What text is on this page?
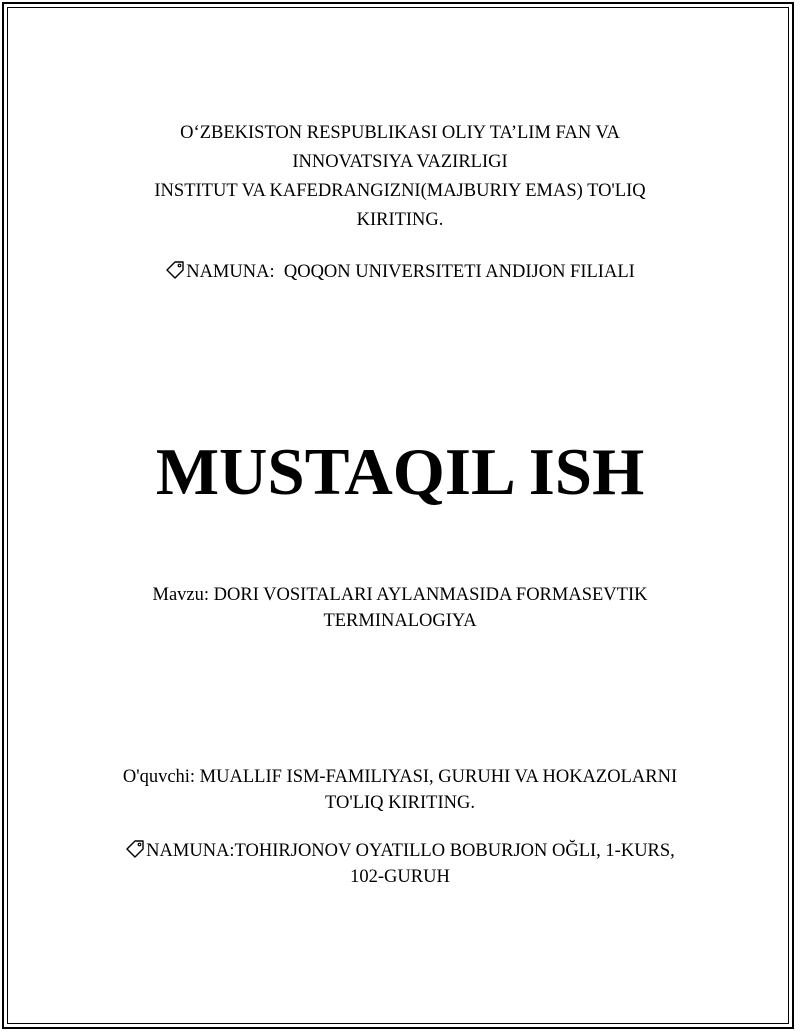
O‘ZBEKISTON RESPUBLIKASI OLIY TA’LIM FAN VA
INNOVATSIYA VAZIRLIGI
INSTITUT VA KAFEDRANGIZNI(MAJBURIY EMAS) TO'LIQ
KIRITING.
NAMUNA:  QOQON UNIVERSITETI ANDIJON FILIALI
MUSTAQIL ISH
Mavzu: DORI VOSITALARI AYLANMASIDA FORMASEVTIK
TERMINALOGIYA
O'quvchi: MUALLIF ISM-FAMILIYASI, GURUHI VA HOKAZOLARNI
TO'LIQ KIRITING.
NAMUNA:TOHIRJONOV OYATILLO BOBURJON OĞLI, 1-KURS,
102-GURUH
